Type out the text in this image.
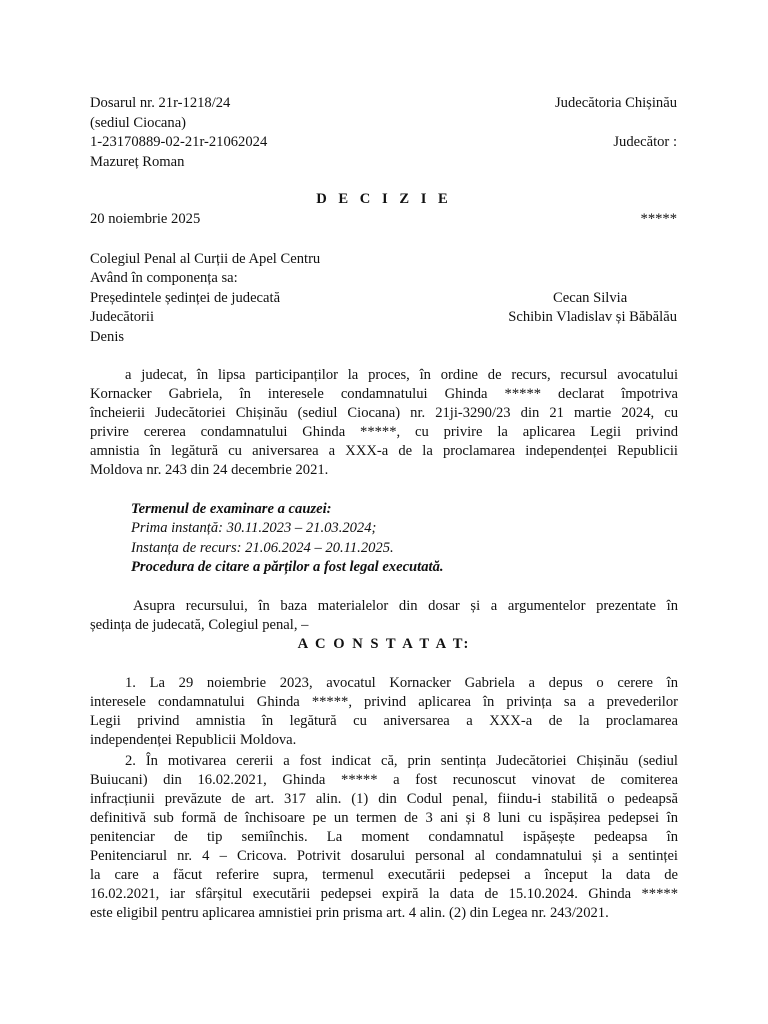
Dosarul nr. 21r-1218/24	Judecătoria Chișinău
(sediul Ciocana)
1-23170889-02-21r-21062024	Judecător :
Mazureț Roman
D E C I Z I E
20 noiembrie 2025	*****
Colegiul Penal al Curții de Apel Centru
Având în componența sa:
Președintele ședinței de judecată	Cecan Silvia
Judecătorii	Schibin Vladislav și Băbălău
Denis
a judecat, în lipsa participanților la proces, în ordine de recurs, recursul avocatului
Kornacker Gabriela, în interesele condamnatului Ghinda ***** declarat împotriva
încheierii Judecătoriei Chișinău (sediul Ciocana) nr. 21ji-3290/23 din 21 martie 2024, cu
privire cererea condamnatului Ghinda *****, cu privire la aplicarea Legii privind
amnistia în legătură cu aniversarea a XXX-a de la proclamarea independenței Republicii
Moldova nr. 243 din 24 decembrie 2021.
Termenul de examinare a cauzei:
Prima instanță: 30.11.2023 – 21.03.2024;
Instanța de recurs: 21.06.2024 – 20.11.2025.
Procedura de citare a părților a fost legal executată.
Asupra recursului, în baza materialelor din dosar și a argumentelor prezentate în
ședința de judecată, Colegiul penal, –
A C O N S T A T A T:
1. La 29 noiembrie 2023, avocatul Kornacker Gabriela a depus o cerere în
interesele condamnatului Ghinda *****, privind aplicarea în privința sa a prevederilor
Legii privind amnistia în legătură cu aniversarea a XXX-a de la proclamarea
independenței Republicii Moldova.
2. În motivarea cererii a fost indicat că, prin sentința Judecătoriei Chișinău (sediul
Buiucani) din 16.02.2021, Ghinda ***** a fost recunoscut vinovat de comiterea
infracțiunii prevăzute de art. 317 alin. (1) din Codul penal, fiindu-i stabilită o pedeapsă
definitivă sub formă de închisoare pe un termen de 3 ani și 8 luni cu ispășirea pedepsei în
penitenciar de tip semiînchis. La moment condamnatul ispășește pedeapsa în
Penitenciarul nr. 4 – Cricova. Potrivit dosarului personal al condamnatului și a sentinței
la care a făcut referire supra, termenul executării pedepsei a început la data de
16.02.2021, iar sfârșitul executării pedepsei expiră la data de 15.10.2024. Ghinda *****
este eligibil pentru aplicarea amnistiei prin prisma art. 4 alin. (2) din Legea nr. 243/2021.
